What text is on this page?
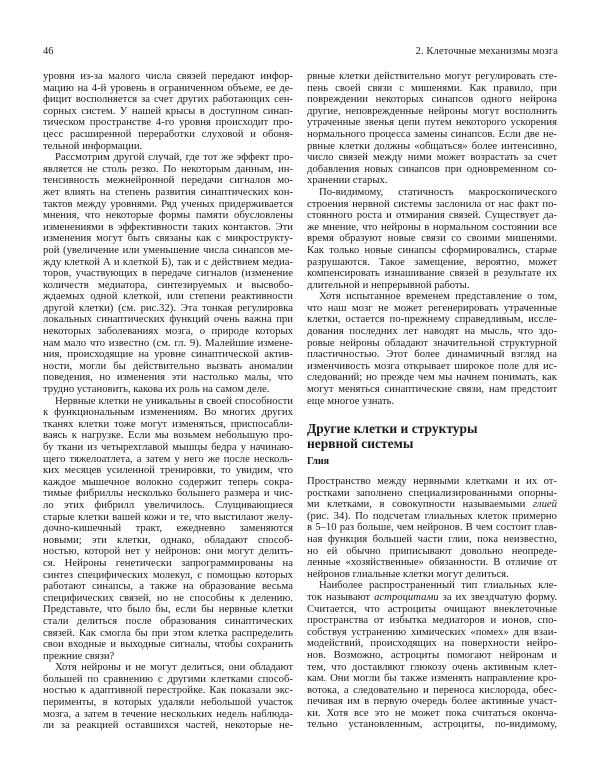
46	2. Клеточные механизмы мозга
уровня из-за малого числа связей передают инфор-
мацию на 4-й уровень в ограниченном объеме, ее де-
фицит восполняется за счет других работающих сен-
сорных систем. У нашей крысы в доступном синап-
тическом пространстве 4-го уровня происходит про-
цесс расширенной переработки слуховой и обоня-
тельной информации.
Рассмотрим другой случай, где тот же эффект про-
является не столь резко. По некоторым данным, ин-
тенсивность межнейронной передачи сигналов мо-
жет влиять на степень развития синаптических кон-
тактов между уровнями. Ряд ученых придерживается
мнения, что некоторые формы памяти обусловлены
изменениями в эффективности таких контактов. Эти
изменения могут быть связаны как с микрострукту-
рой (увеличение или уменьшение числа синапсов ме-
жду клеткой А и клеткой Б), так и с действием медиа-
торов, участвующих в передаче сигналов (изменение
количеств медиатора, синтезируемых и высвобо-
ждаемых одной клеткой, или степени реактивности
другой клетки) (см. рис.32). Эта тонкая регулировка
локальных синаптических функций очень важна при
некоторых заболеваниях мозга, о природе которых
нам мало что известно (см. гл. 9). Малейшие измене-
ния, происходящие на уровне синаптической актив-
ности, могли бы действительно вызвать аномалии
поведения, но изменения эти настолько малы, что
трудно установить, какова их роль на самом деле.
Нервные клетки не уникальны в своей способности
к функциональным изменениям. Во многих других
тканях клетки тоже могут изменяться, приспосабли-
ваясь к нагрузке. Если мы возьмем небольшую про-
бу ткани из четырехглавой мышцы бедра у начинаю-
щего тяжелоатлета, а затем у него же после несколь-
ких месяцев усиленной тренировки, то́ увидим, что
каждое мышечное волокно содержит теперь сокра-
тимые фибриллы несколько большего размера и чис-
ло этих фибрилл увеличилось. Слущивающиеся
старые клетки вашей кожи и те, что выстилают желу-
дочно-кишечный тракт, ежедневно заменяются
новыми; эти клетки, однако, обладают способ-
ностью, которой нет у нейронов: они могут делить-
ся. Нейроны генетически запрограммированы на
синтез специфических молекул, с помощью которых
работают синапсы, а также на образование весьма
специфических связей, но не способны к делению.
Представьте, что было бы, если бы нервные клетки
стали делиться после образования синаптических
связей. Как смогла бы при этом клетка распределить
свои входные и выходные сигналы, чтобы сохранить
прежние связи?
Хотя нейроны и не могут делиться, они обладают
большей по сравнению с другими клетками способ-
ностью к адаптивной перестройке. Как показали экс-
перименты, в которых удаляли небольшой участок
мозга, а затем в течение нескольких недель наблюда-
ли за реакцией оставшихся частей, некоторые не-
рвные клетки действительно могут регулировать сте-
пень своей связи с мишенями. Как правило, при
повреждении некоторых синапсов одного нейрона
другие, неповрежденные нейроны могут восполнить
утраченные звенья цепи путем некоторого ускорения
нормального процесса замены синапсов. Если две не-
рвные клетки должны «общаться» более интенсивно,
число связей между ними может возрастать за счет
добавления новых синапсов при одновременном со-
хранении старых.
По-видимому, статичность макроскопического
строения нервной системы заслонила от нас факт по-
стоянного роста и отмирания связей. Существует да-
же мнение, что нейроны в нормальном состоянии все
время образуют новые связи со своими мишенями.
Как только новые синапсы сформировались, старые
разрушаются. Такое замещение, вероятно, может
компенсировать изнашивание связей в результате их
длительной и непрерывной работы.
Хотя испытанное временем представление о том,
что наш мозг не может регенерировать утраченные
клетки, остается по-прежнему справедливым, иссле-
дования последних лет наводят на мысль, что здо-
ровые нейроны обладают значительной структурной
пластичностью. Этот более динамичный взгляд на
изменчивость мозга открывает широкое поле для ис-
следований; но прежде чем мы начнем понимать, как
могут меняться синаптические связи, нам предстоит
еще многое узнать.
Другие клетки и структуры
нервной системы
Глия
Пространство между нервными клетками и их от-
ростками заполнено специализированными опорны-
ми клетками, в совокупности называемыми глией
(рис. 34). По подсчетам глиальных клеток примерно
в 5–10 раз больше, чем нейронов. В чем состоит глав-
ная функция большей части глии, пока неизвестно,
но ей обычно приписывают довольно неопреде-
ленные «хозяйственные» обязанности. В отличие от
нейронов глиальные клетки могут делиться.
Наиболее распространенный тип глиальных кле-
ток называют астроцитами за их звездчатую форму.
Считается, что астроциты очищают внеклеточные
пространства от избытка медиаторов и ионов, спо-
собствуя устранению химических «помех» для взаи-
модействий, происходящих на поверхности нейро-
нов. Возможно, астроциты помогают нейронам и
тем, что доставляют глюкозу очень активным клет-
кам. Они могли бы также изменять направление кро-
вотока, а следовательно и переноса кислорода, обес-
печивая им в первую очередь более активные участ-
ки. Хотя все это не может пока считаться оконча-
тельно установленным, астроциты, по-видимому,
